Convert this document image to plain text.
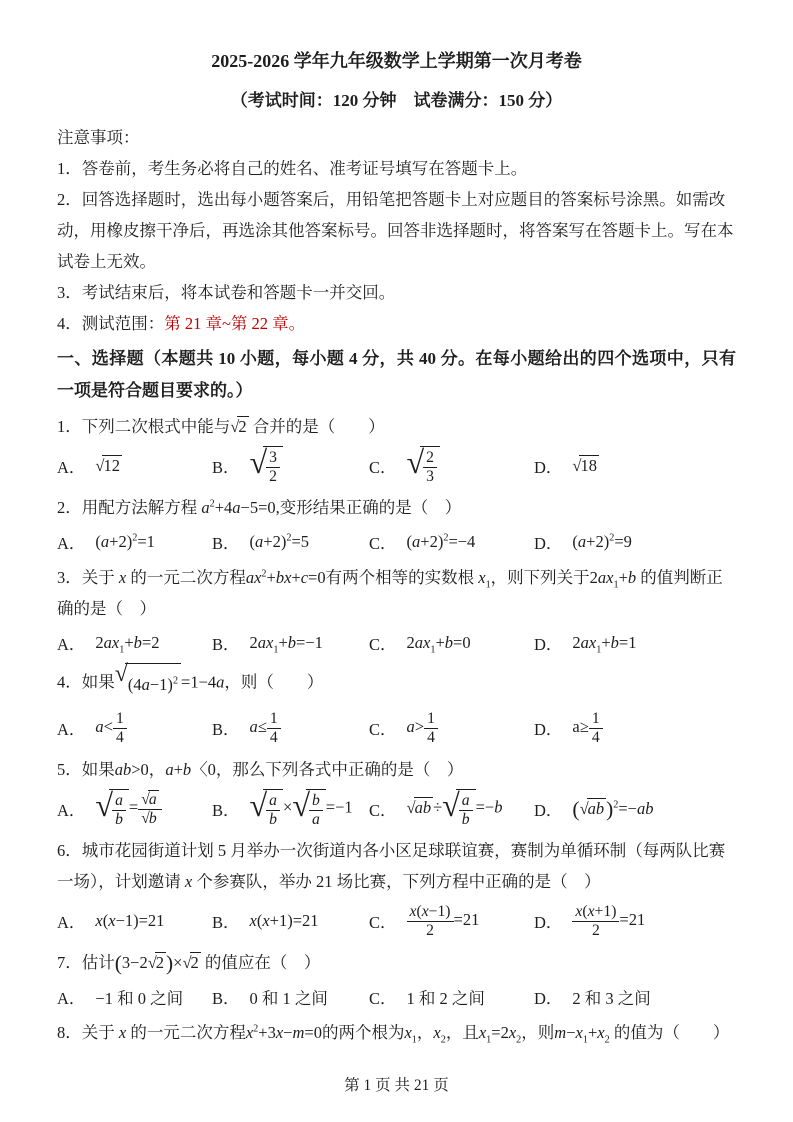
2025-2026 学年九年级数学上学期第一次月考卷
（考试时间：120 分钟　试卷满分：150 分）

注意事项：

1．答卷前，考生务必将自己的姓名、准考证号填写在答题卡上。

2．回答选择题时，选出每小题答案后，用铅笔把答题卡上对应题目的答案标号涂黑。如需改动，用橡皮擦干净后，再选涂其他答案标号。回答非选择题时，将答案写在答题卡上。写在本试卷上无效。

3．考试结束后，将本试卷和答题卡一并交回。

4．测试范围：第 21 章~第 22 章。

一、选择题（本题共 10 小题，每小题 4 分，共 40 分。在每小题给出的四个选项中，只有一项是符合题目要求的。）

1．下列二次根式中能与√2 合并的是（　　）

A． √12	B． √ $\frac{3}{2}$	C． √ $\frac{2}{3}$	D． √18

2．用配方法解方程 $a^2+4a-5=0$,变形结果正确的是（　）

A． $(a+2)^2=1$	B． $(a+2)^2=5$	C． $(a+2)^2=-4$	D． $(a+2)^2=9$

3．关于 x 的一元二次方程$ax^2+bx+c=0$有两个相等的实数根 $x_1$，则下列关于$2ax_1+b$ 的值判断正确的是（　）

A． $2ax_1+b=2$	B． $2ax_1+b=-1$	C． $2ax_1+b=0$	D． $2ax_1+b=1$

4．如果 √ $(4a-1)^2 =1-4a$，则（　　）

A． $a< \frac{1}{4}$	B． $a\le \frac{1}{4}$	C． $a> \frac{1}{4}$	D． $a\ge \frac{1}{4}$

5．如果ab>0，a+b〈0，那么下列各式中正确的是（　）

A． √ $\frac{a}{b} = \frac{√a}{√b}$	B． √ $\frac{a}{b}$ × √ $\frac{b}{a} =-1$ C． √ab ÷ √ $\frac{a}{b} =-b$ D． $(√ab)^2=-ab$

6．城市花园街道计划 5 月举办一次街道内各小区足球联谊赛，赛制为单循环制（每两队比赛一场），计划邀请 x 个参赛队，举办 21 场比赛，下列方程中正确的是（　）

A． x(x−1)=21	B． x(x+1)=21	C． $\frac{x(x-1)}{2} =21$	D． $\frac{x(x+1)}{2} =21$

7．估计(3−2√2)×√2 的值应在（　）

A． −1 和 0 之间 B． 0 和 1 之间 C． 1 和 2 之间	D． 2 和 3 之间

8．关于 x 的一元二次方程$x^2+3x-m=0$的两个根为$x_1$，$x_2$，且$x_1=2x_2$，则$m-x_1+x_2$ 的值为（　　）

第 1 页 共 21 页
